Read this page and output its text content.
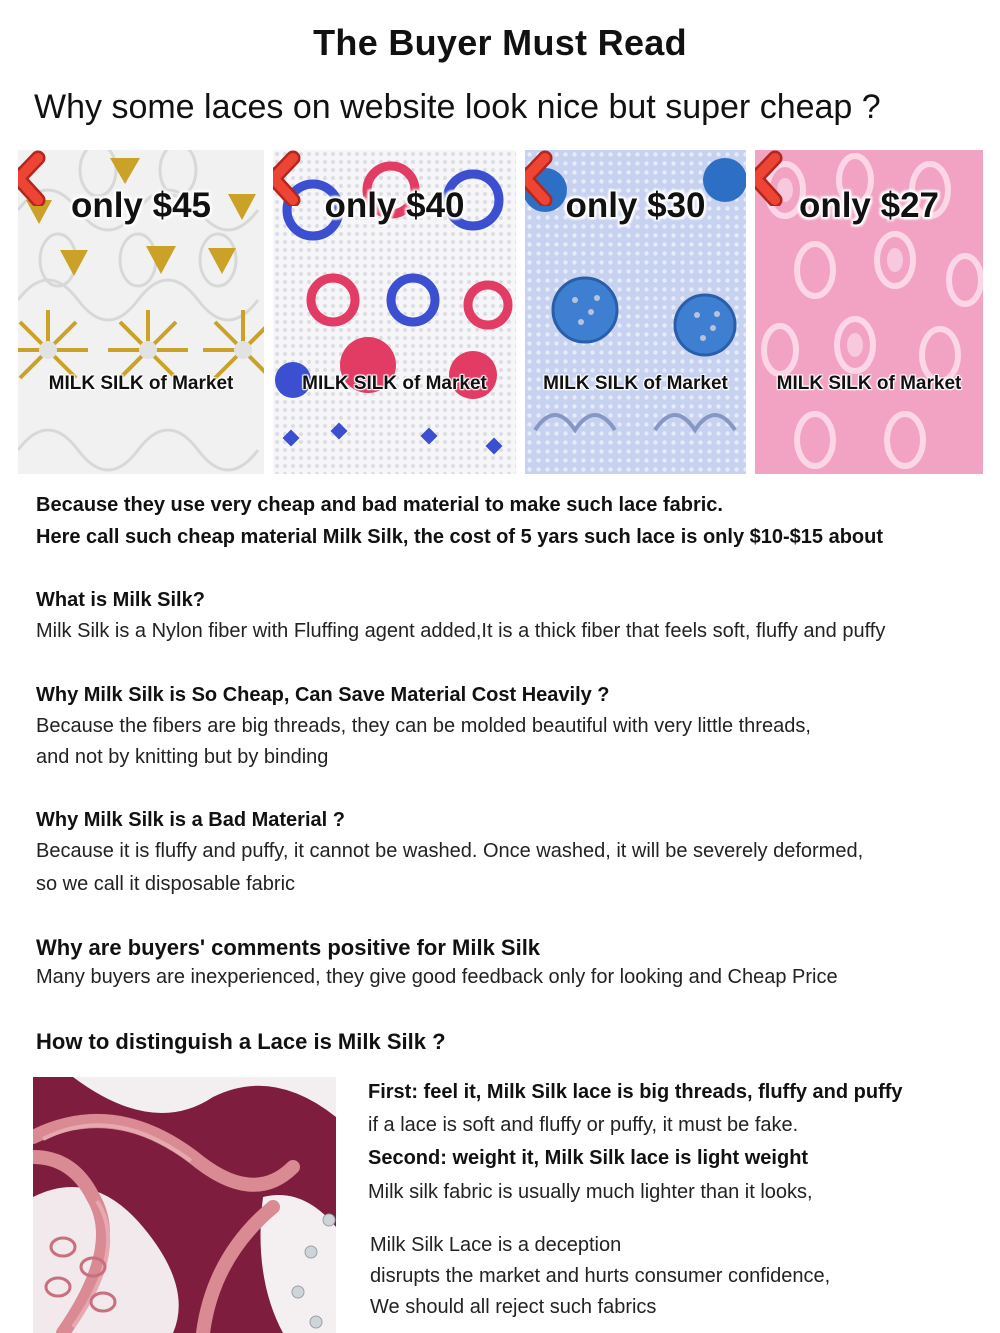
The Buyer Must Read
Why some laces on website look nice but super cheap ?
only $45
MILK SILK of Market
only $40
MILK SILK of Market
only $30
MILK SILK of Market
only $27
MILK SILK of Market
Because they use very cheap and bad material to make such lace fabric.
Here call such cheap material Milk Silk, the cost of 5 yars such lace is only $10-$15 about
What is Milk Silk?
Milk Silk is a Nylon fiber with Fluffing agent added,It is a thick fiber that feels soft, fluffy and puffy
Why Milk Silk is So Cheap, Can Save Material Cost Heavily ?
Because the fibers are big threads, they can be molded beautiful with very little threads,
and not by knitting but by binding
Why Milk Silk is a Bad Material ?
Because it is fluffy and puffy, it cannot be washed. Once washed, it will be severely deformed,
so we call it disposable fabric
Why are buyers' comments positive for Milk Silk
Many buyers are inexperienced, they give good feedback only for looking and Cheap Price
How to distinguish a Lace is Milk Silk ?
First: feel it, Milk Silk lace is big threads, fluffy and puffy
if a lace is soft and fluffy or puffy, it must be fake.
Second: weight it, Milk Silk lace is light weight
Milk silk fabric is usually much lighter than it looks,
Milk Silk Lace is a deception
disrupts the market and hurts consumer confidence,
We should all reject such fabrics
